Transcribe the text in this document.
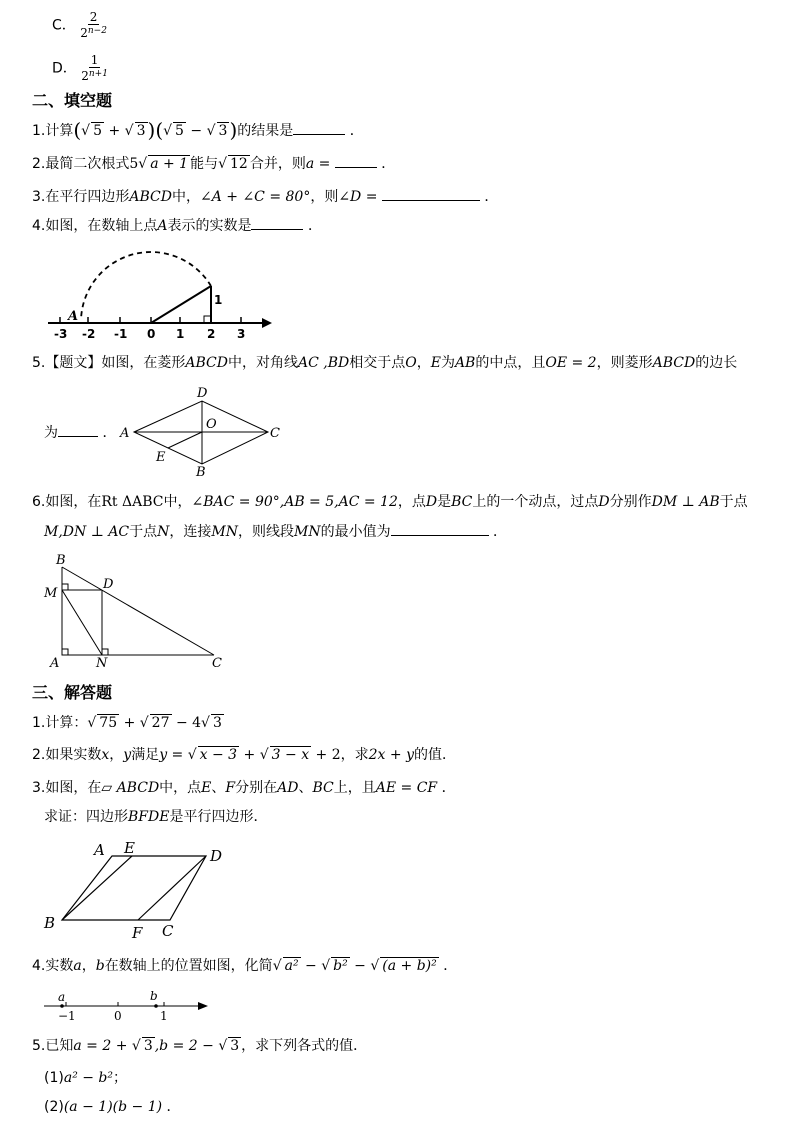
C． $\frac{2}{2^{n-2}}$
D． $\frac{1}{2^{n+1}}$
二、填空题
1.计算(√ 5 + √ 3 )(√ 5 − √ 3 )的结果是	．
2.最简二次根式5√ a + 1 能与√ 12 合并，则a =	．
3.在平行四边形ABCD中，∠A + ∠C = 80°，则∠D =	．
4.如图，在数轴上点A表示的实数是	．
-3 -2 -1 0 1 2 3
A
1
5.【题文】如图，在菱形ABCD中，对角线AC ,BD相交于点O，E为AB的中点，且OE = 2，则菱形ABCD的边长
为	． A
D
C
B
O
E
6.如图，在Rt ΔABC中，∠BAC = 90°,AB = 5,AC = 12，点D是BC上的一个动点，过点D分别作DM ⊥ AB于点
M,DN ⊥ AC于点N，连接MN，则线段MN的最小值为	．
B
D
M
A	N	C
三、解答题
1.计算：√ 75 + √ 27 − 4√ 3
2.如果实数x，y满足y = √ x − 3 + √ 3 − x + 2，求2x + y的值．
3.如图，在▱ ABCD中，点E、F分别在AD、BC上，且AE = CF ．
求证：四边形BFDE是平行四边形．
A E	D
B
F C
4.实数a，b在数轴上的位置如图，化简√ a² − √ b² − √ (a + b)² ．
a	b
−1	0	1
5.已知a = 2 + √ 3 ,b = 2 − √ 3 ，求下列各式的值．
(1)a² − b²；
(2)(a − 1)(b − 1) ．
